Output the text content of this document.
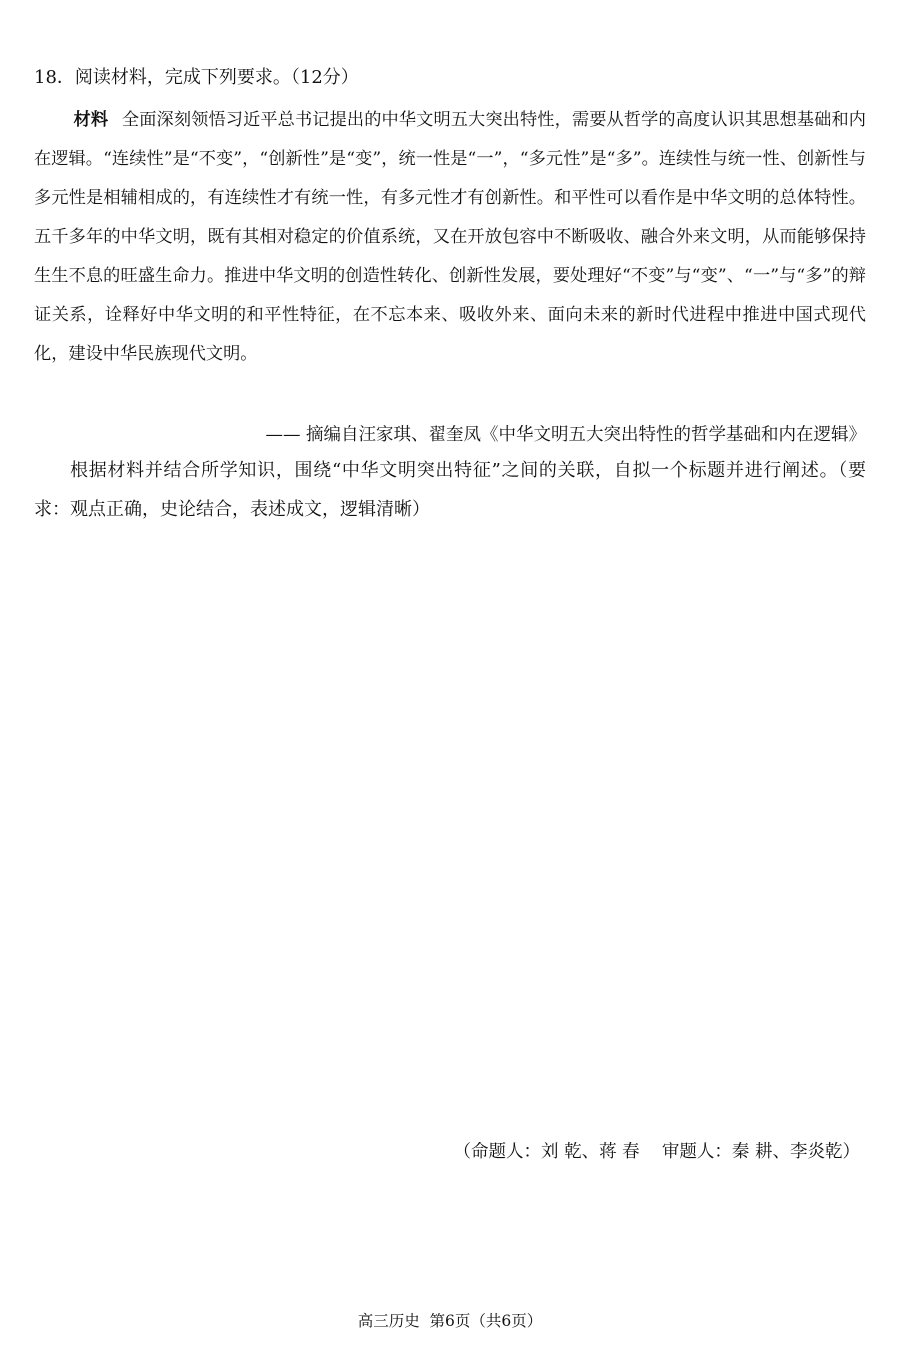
18．阅读材料，完成下列要求。（12分）
材料 全面深刻领悟习近平总书记提出的中华文明五大突出特性，需要从哲学的高度认识其思想基础和内在逻辑。“连续性”是“不变”，“创新性”是“变”，统一性是“一”，“多元性”是“多”。连续性与统一性、创新性与多元性是相辅相成的，有连续性才有统一性，有多元性才有创新性。和平性可以看作是中华文明的总体特性。五千多年的中华文明，既有其相对稳定的价值系统，又在开放包容中不断吸收、融合外来文明，从而能够保持生生不息的旺盛生命力。推进中华文明的创造性转化、创新性发展，要处理好“不变”与“变”、“一”与“多”的辩证关系，诠释好中华文明的和平性特征，在不忘本来、吸收外来、面向未来的新时代进程中推进中国式现代化，建设中华民族现代文明。
—— 摘编自汪家琪、翟奎凤《中华文明五大突出特性的哲学基础和内在逻辑》
根据材料并结合所学知识，围绕“中华文明突出特征”之间的关联，自拟一个标题并进行阐述。（要求：观点正确，史论结合，表述成文，逻辑清晰）
（命题人：刘 乾、蒋 春    审题人：秦 耕、李炎乾）
高三历史  第6页（共6页）
